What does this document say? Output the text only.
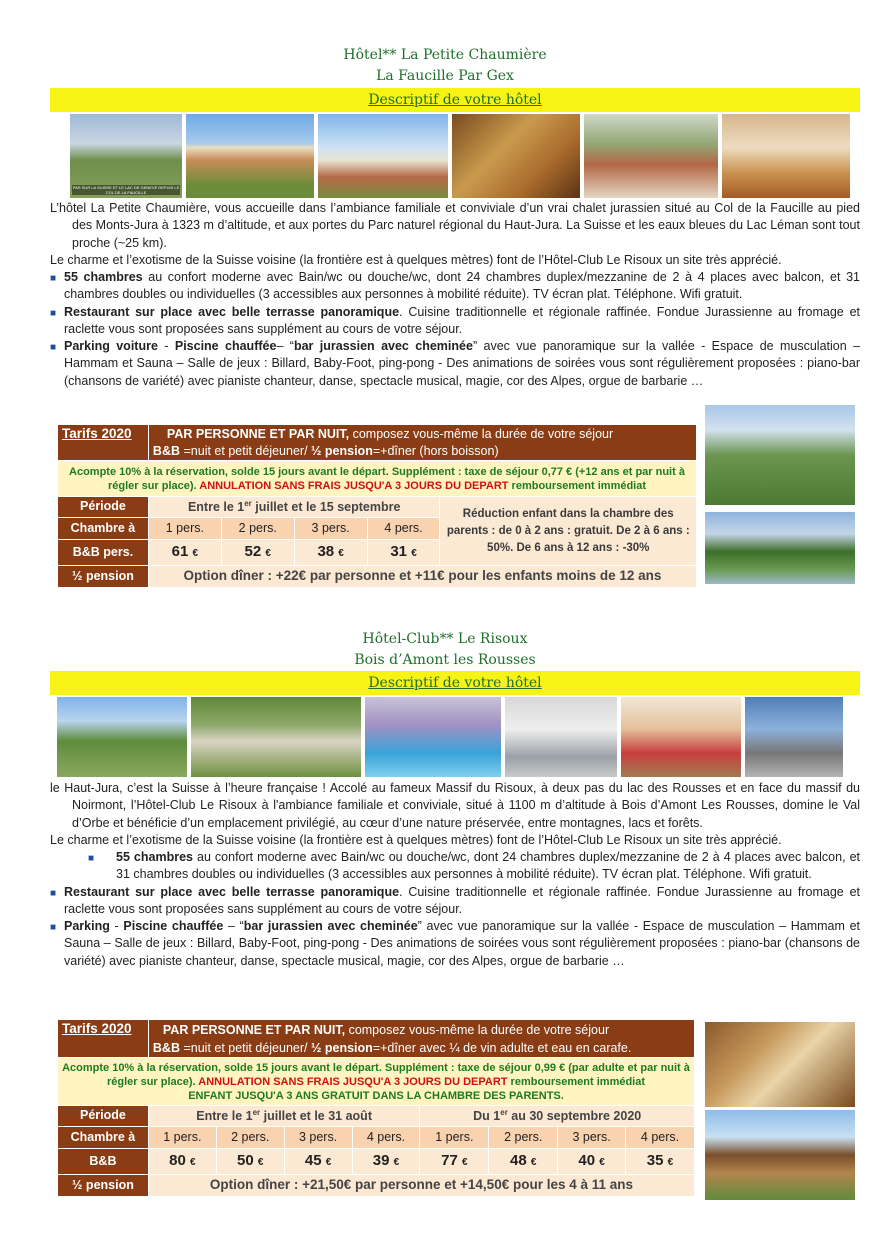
Hôtel** La Petite Chaumière
La Faucille Par Gex
Descriptif de votre hôtel
PAR SUR LA SUISSE ET LE LAC DE GENEVE DEPUIS LE COL DE LA FAUCILLE

L’hôtel La Petite Chaumière, vous accueille dans l’ambiance familiale et conviviale d’un vrai chalet jurassien situé au Col de la Faucille au pied des Monts-Jura à 1323 m d’altitude, et aux portes du Parc naturel régional du Haut-Jura. La Suisse et les eaux bleues du Lac Léman sont tout proche (~25 km).

Le charme et l’exotisme de la Suisse voisine (la frontière est à quelques mètres) font de l’Hôtel-Club Le Risoux un site très apprécié.

■ 55 chambres au confort moderne avec Bain/wc ou douche/wc, dont 24 chambres duplex/mezzanine de 2 à 4 places avec balcon, et 31 chambres doubles ou individuelles (3 accessibles aux personnes à mobilité réduite). TV écran plat. Téléphone. Wifi gratuit.

■ Restaurant sur place avec belle terrasse panoramique. Cuisine traditionnelle et régionale raffinée. Fondue Jurassienne au fromage et raclette vous sont proposées sans supplément au cours de votre séjour.

■ Parking voiture - Piscine chauffée– “bar jurassien avec cheminée” avec vue panoramique sur la vallée - Espace de musculation – Hammam et Sauna – Salle de jeux : Billard, Baby-Foot, ping-pong - Des animations de soirées vous sont régulièrement proposées : piano-bar (chansons de variété) avec pianiste chanteur, danse, spectacle musical, magie, cor des Alpes, orgue de barbarie …

Tarifs 2020	PAR PERSONNE ET PAR NUIT, composez vous-même la durée de votre séjour
B&B =nuit et petit déjeuner/ ½ pension=+dîner (hors boisson)				

Acompte 10% à la réservation, solde 15 jours avant le départ. Supplément : taxe de séjour 0,77 € (+12 ans et par nuit à régler sur place). ANNULATION SANS FRAIS JUSQU'A 3 JOURS DU DEPART remboursement immédiat					
Période	Entre le 1er juillet et le 15 septembre				Réduction enfant dans la chambre des parents : de 0 à 2 ans : gratuit. De 2 à 6 ans : 50%. De 6 ans à 12 ans : -30%
Chambre à	1 pers.	2 pers.	3 pers.	4 pers.	
B&B pers.	61 €	52 €	38 €	31 €	
½ pension	Option dîner : +22€ par personne et +11€ pour les enfants moins de 12 ans				
Hôtel-Club** Le Risoux
Bois d’Amont les Rousses
Descriptif de votre hôtel

le Haut-Jura, c’est la Suisse à l’heure française ! Accolé au fameux Massif du Risoux, à deux pas du lac des Rousses et en face du massif du Noirmont, l’Hôtel-Club Le Risoux à l'ambiance familiale et conviviale, situé à 1100 m d’altitude à Bois d’Amont Les Rousses, domine le Val d’Orbe et bénéficie d’un emplacement privilégié, au cœur d’une nature préservée, entre montagnes, lacs et forêts.

Le charme et l’exotisme de la Suisse voisine (la frontière est à quelques mètres) font de l’Hôtel-Club Le Risoux un site très apprécié.

■ 55 chambres au confort moderne avec Bain/wc ou douche/wc, dont 24 chambres duplex/mezzanine de 2 à 4 places avec balcon, et 31 chambres doubles ou individuelles (3 accessibles aux personnes à mobilité réduite). TV écran plat. Téléphone. Wifi gratuit.

■ Restaurant sur place avec belle terrasse panoramique. Cuisine traditionnelle et régionale raffinée. Fondue Jurassienne au fromage et raclette vous sont proposées sans supplément au cours de votre séjour.

■ Parking - Piscine chauffée – “bar jurassien avec cheminée” avec vue panoramique sur la vallée - Espace de musculation – Hammam et Sauna – Salle de jeux : Billard, Baby-Foot, ping-pong - Des animations de soirées vous sont régulièrement proposées : piano-bar (chansons de variété) avec pianiste chanteur, danse, spectacle musical, magie, cor des Alpes, orgue de barbarie …

Tarifs 2020	PAR PERSONNE ET PAR NUIT, composez vous-même la durée de votre séjour
B&B =nuit et petit déjeuner/ ½ pension=+dîner avec ¼ de vin adulte et eau en carafe.							

Acompte 10% à la réservation, solde 15 jours avant le départ. Supplément : taxe de séjour 0,99 € (par adulte et par nuit à régler sur place). ANNULATION SANS FRAIS JUSQU'A 3 JOURS DU DEPART remboursement immédiat
ENFANT JUSQU'A 3 ANS GRATUIT DANS LA CHAMBRE DES PARENTS.								
Période	Entre le 1er juillet et le 31 août				Du 1er au 30 septembre 2020			
Chambre à	1 pers.	2 pers.	3 pers.	4 pers.	1 pers.	2 pers.	3 pers.	4 pers.
B&B	80 €	50 €	45 €	39 €	77 €	48 €	40 €	35 €
½ pension	Option dîner : +21,50€ par personne et +14,50€ pour les 4 à 11 ans							
